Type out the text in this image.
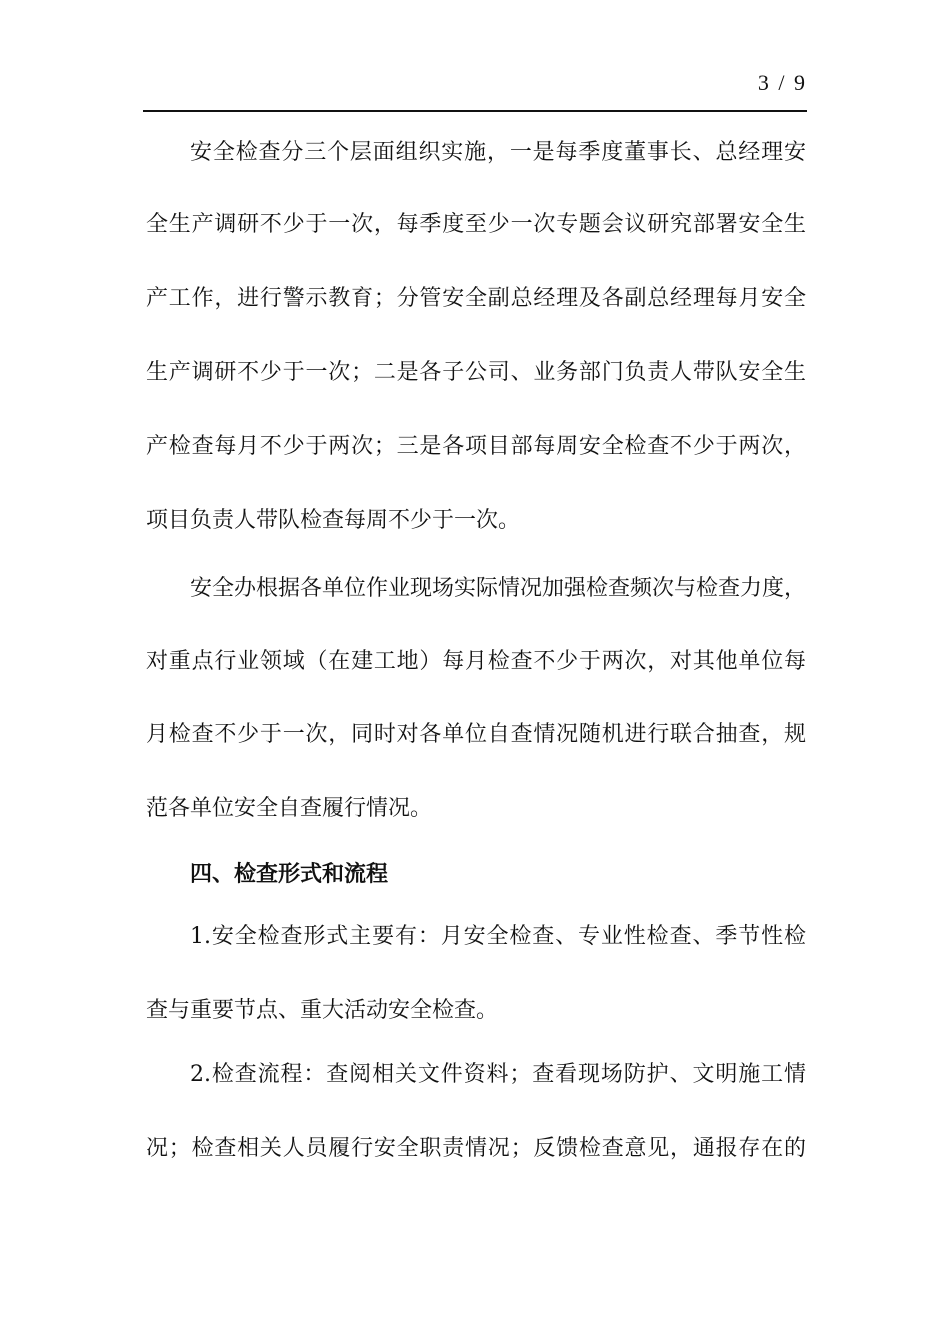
3 / 9
安全检查分三个层面组织实施，一是每季度董事长、总经理安
全生产调研不少于一次，每季度至少一次专题会议研究部署安全生
产工作，进行警示教育；分管安全副总经理及各副总经理每月安全
生产调研不少于一次；二是各子公司、业务部门负责人带队安全生
产检查每月不少于两次；三是各项目部每周安全检查不少于两次，
项目负责人带队检查每周不少于一次。
安全办根据各单位作业现场实际情况加强检查频次与检查力度，
对重点行业领域（在建工地）每月检查不少于两次，对其他单位每
月检查不少于一次，同时对各单位自查情况随机进行联合抽查，规
范各单位安全自查履行情况。
四、检查形式和流程
1.安全检查形式主要有：月安全检查、专业性检查、季节性检
查与重要节点、重大活动安全检查。
2.检查流程：查阅相关文件资料；查看现场防护、文明施工情
况；检查相关人员履行安全职责情况；反馈检查意见，通报存在的
